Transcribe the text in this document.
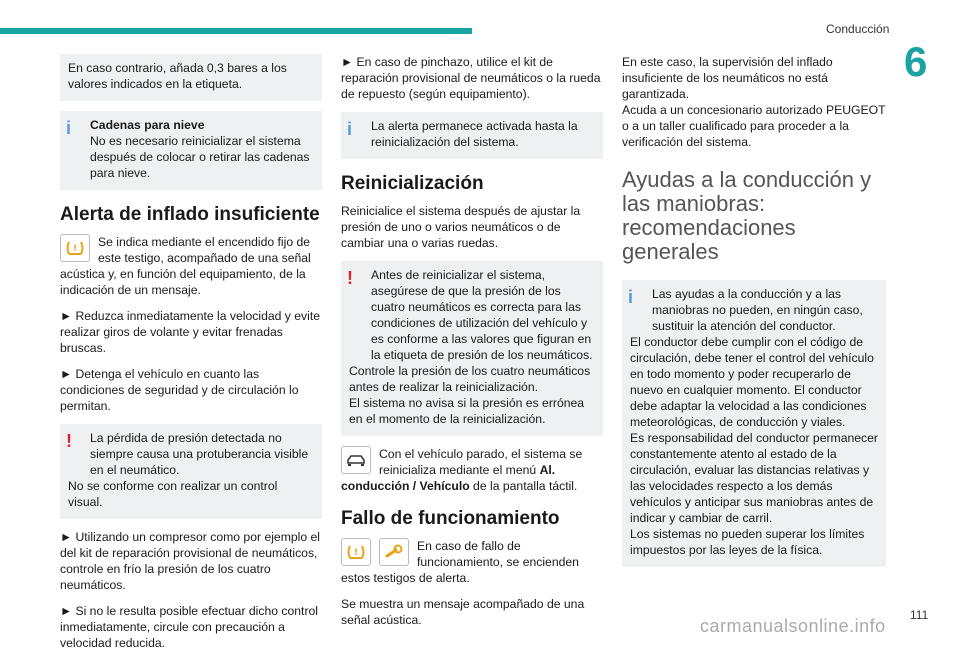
Conducción
6
En caso contrario, añada 0,3 bares a los valores indicados en la etiqueta.
i Cadenas para nieve
No es necesario reinicializar el sistema después de colocar o retirar las cadenas para nieve.
Alerta de inflado insuficiente

! Se indica mediante el encendido fijo de este testigo, acompañado de una señal acústica y, en función del equipamiento, de la indicación de un mensaje.

► Reduzca inmediatamente la velocidad y evite realizar giros de volante y evitar frenadas bruscas.

► Detenga el vehículo en cuanto las condiciones de seguridad y de circulación lo permitan.

! La pérdida de presión detectada no siempre causa una protuberancia visible en el neumático.
No se conforme con realizar un control visual.

► Utilizando un compresor como por ejemplo el del kit de reparación provisional de neumáticos, controle en frío la presión de los cuatro neumáticos.

► Si no le resulta posible efectuar dicho control inmediatamente, circule con precaución a velocidad reducida.

► En caso de pinchazo, utilice el kit de reparación provisional de neumáticos o la rueda de repuesto (según equipamiento).

i La alerta permanece activada hasta la reinicialización del sistema.
Reinicialización

Reinicialice el sistema después de ajustar la presión de uno o varios neumáticos o de cambiar una o varias ruedas.

! Antes de reinicializar el sistema, asegúrese de que la presión de los cuatro neumáticos es correcta para las condiciones de utilización del vehículo y es conforme a las valores que figuran en la etiqueta de presión de los neumáticos.
Controle la presión de los cuatro neumáticos antes de realizar la reinicialización.
El sistema no avisa si la presión es errónea en el momento de la reinicialización.

Con el vehículo parado, el sistema se reinicializa mediante el menú Al. conducción / Vehículo de la pantalla táctil.

Fallo de funcionamiento

!	En caso de fallo de funcionamiento, se encienden estos testigos de alerta.

Se muestra un mensaje acompañado de una señal acústica.

En este caso, la supervisión del inflado insuficiente de los neumáticos no está garantizada.

Acuda a un concesionario autorizado PEUGEOT o a un taller cualificado para proceder a la verificación del sistema.

Ayudas a la conducción y las maniobras: recomendaciones generales
i Las ayudas a la conducción y a las maniobras no pueden, en ningún caso, sustituir la atención del conductor.
El conductor debe cumplir con el código de circulación, debe tener el control del vehículo en todo momento y poder recuperarlo de nuevo en cualquier momento. El conductor debe adaptar la velocidad a las condiciones meteorológicas, de conducción y viales.
Es responsabilidad del conductor permanecer constantemente atento al estado de la circulación, evaluar las distancias relativas y las velocidades respecto a los demás vehículos y anticipar sus maniobras antes de indicar y cambiar de carril.
Los sistemas no pueden superar los límites impuestos por las leyes de la física.
111
carmanualsonline.info
